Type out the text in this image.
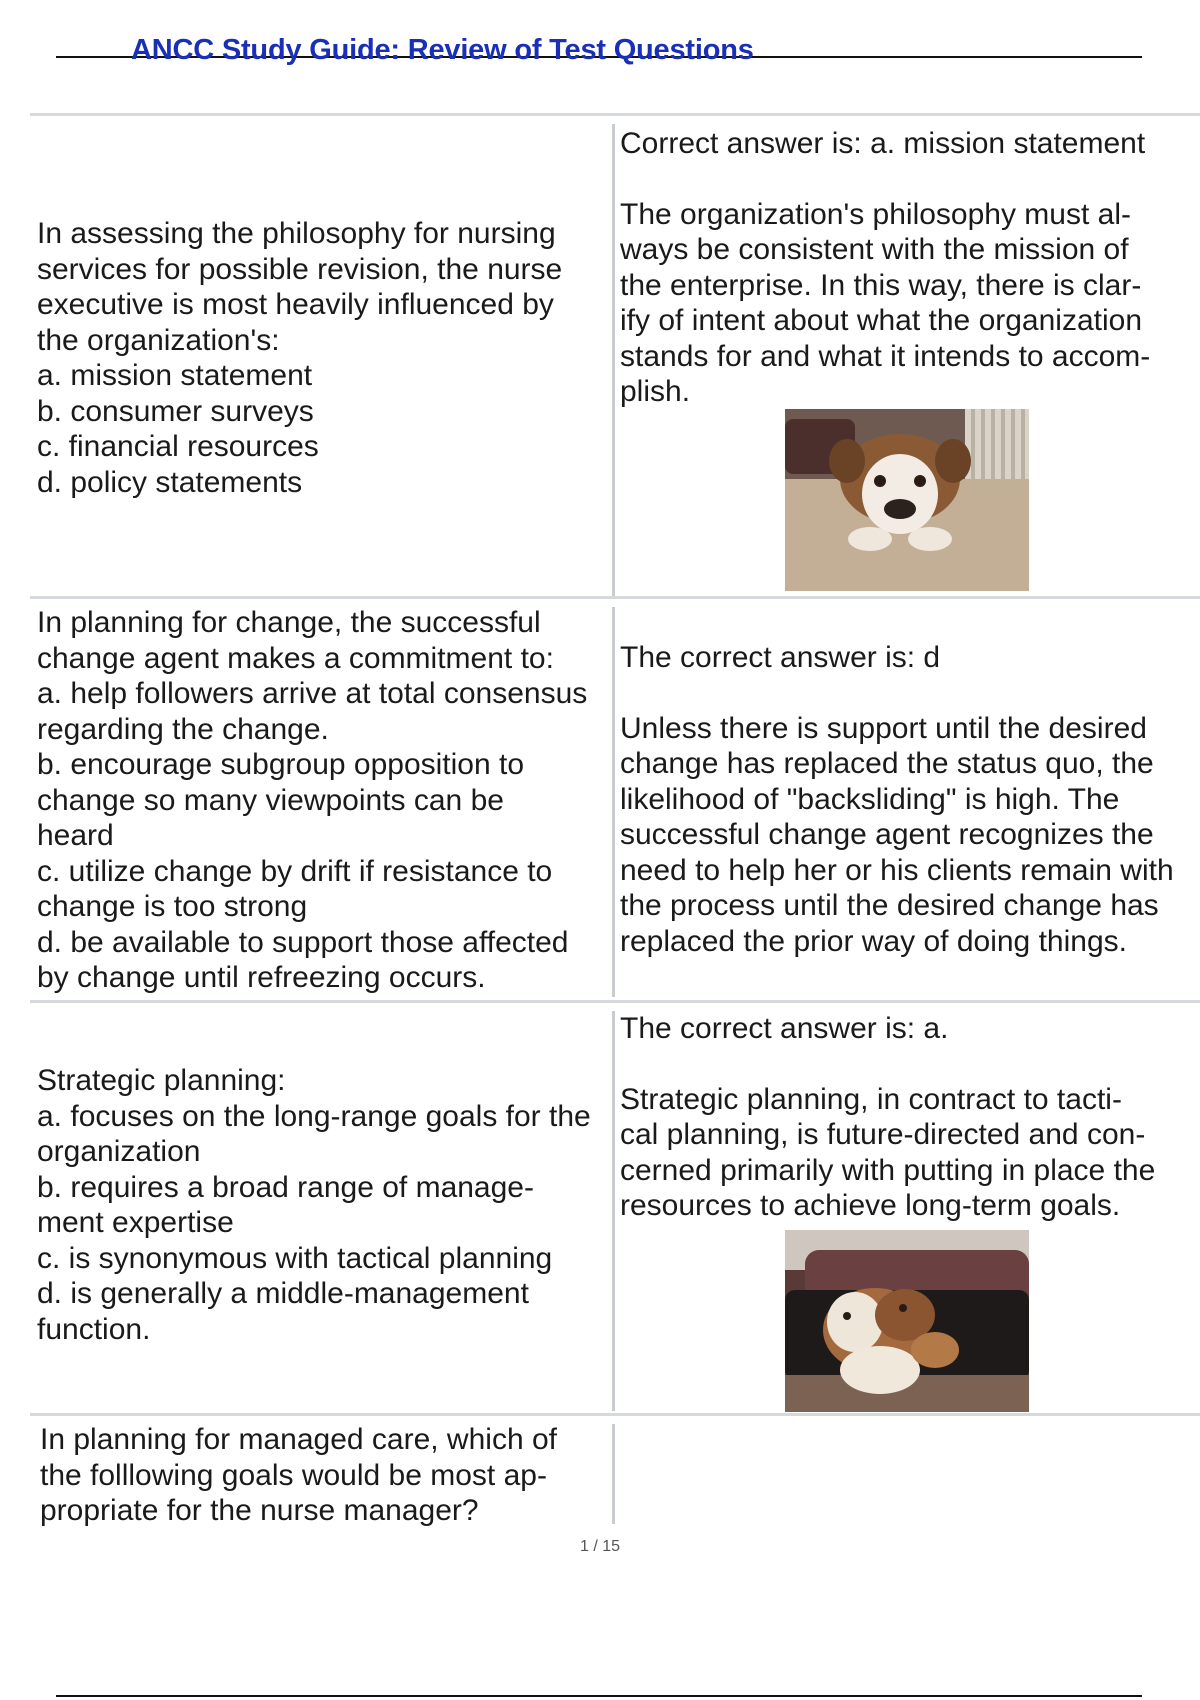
ANCC Study Guide: Review of Test Questions
In assessing the philosophy for nursing
services for possible revision, the nurse
executive is most heavily influenced by
the organization's:
a. mission statement
b. consumer surveys
c. financial resources
d. policy statements
Correct answer is: a. mission statement
The organization's philosophy must al-
ways be consistent with the mission of
the enterprise. In this way, there is clar-
ify of intent about what the organization
stands for and what it intends to accom-
plish.
In planning for change, the successful
change agent makes a commitment to:
a. help followers arrive at total consensus
regarding the change.
b. encourage subgroup opposition to
change so many viewpoints can be
heard
c. utilize change by drift if resistance to
change is too strong
d. be available to support those affected
by change until refreezing occurs.
The correct answer is: d
Unless there is support until the desired
change has replaced the status quo, the
likelihood of "backsliding" is high. The
successful change agent recognizes the
need to help her or his clients remain with
the process until the desired change has
replaced the prior way of doing things.
Strategic planning:
a. focuses on the long-range goals for the
organization
b. requires a broad range of manage-
ment expertise
c. is synonymous with tactical planning
d. is generally a middle-management
function.
The correct answer is: a.
Strategic planning, in contract to tacti-
cal planning, is future-directed and con-
cerned primarily with putting in place the
resources to achieve long-term goals.
In planning for managed care, which of
the folllowing goals would be most ap-
propriate for the nurse manager?
1 / 15
